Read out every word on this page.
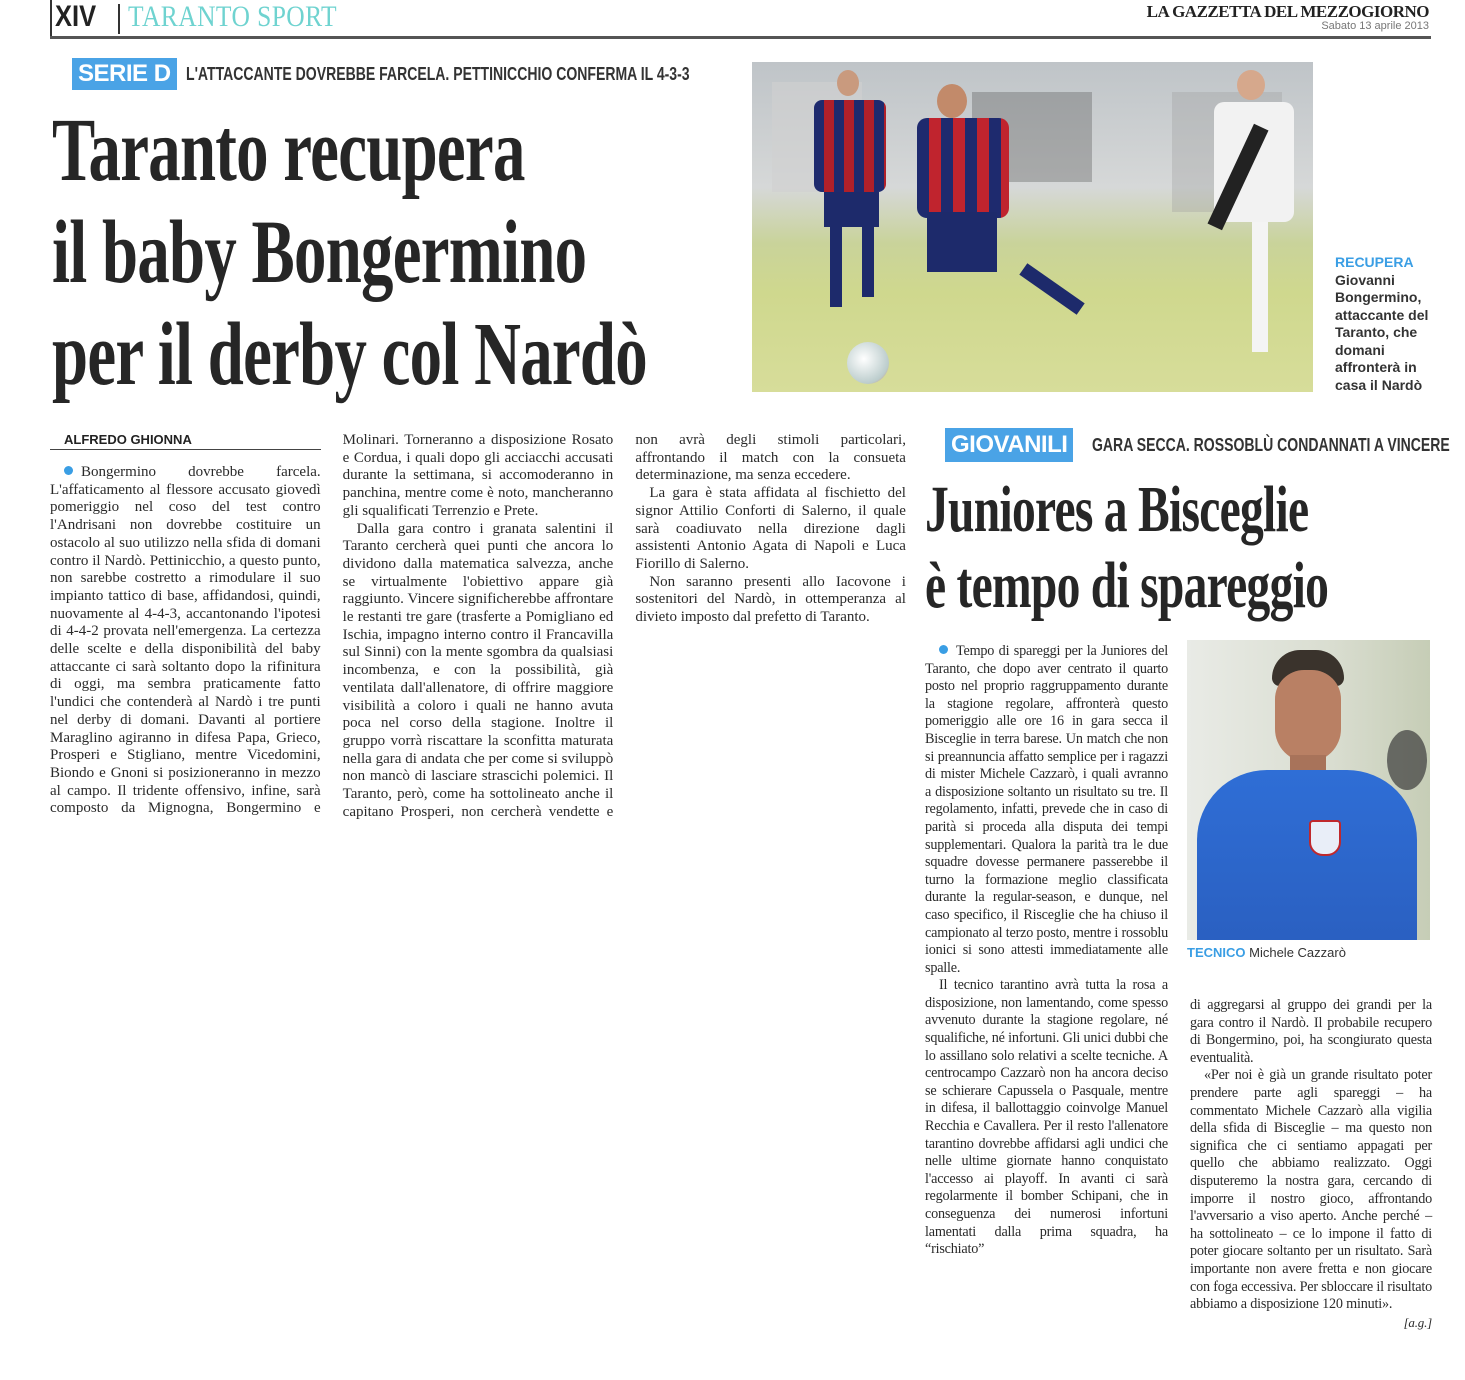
XIV TARANTO SPORT	LA GAZZETTA DEL MEZZOGIORNO
Sabato 13 aprile 2013
SERIE D L'ATTACCANTE DOVREBBE FARCELA. PETTINICCHIO CONFERMA IL 4-3-3
Taranto recupera
il baby Bongermino
per il derby col Nardò
RECUPERA
Giovanni Bongermino, attaccante del Taranto, che domani affronterà in casa il Nardò
ALFREDO GHIONNA

Bongermino dovrebbe farcela. L'affaticamento al flessore accusato giovedì pomeriggio nel coso del test contro l'Andrisani non dovrebbe costituire un ostacolo al suo utilizzo nella sfida di domani contro il Nardò. Pettinicchio, a questo punto, non sarebbe costretto a rimodulare il suo impianto tattico di base, affidandosi, quindi, nuovamente al 4-4-3, accantonando l'ipotesi di 4-4-2 provata nell'emergenza. La certezza delle scelte e della disponibilità del baby attaccante ci sarà soltanto dopo la rifinitura di oggi, ma sembra praticamente fatto l'undici che contenderà al Nardò i tre punti nel derby di domani. Davanti al portiere Maraglino agiranno in difesa Papa, Grieco, Prosperi e Stigliano, mentre Vicedomini, Biondo e Gnoni si posizioneranno in mezzo al campo. Il tridente offensivo, infine, sarà composto da Mignogna, Bongermino e Molinari. Torneranno a disposizione Rosato e Cordua, i quali dopo gli acciacchi accusati durante la settimana, si accomoderanno in panchina, mentre come è noto, mancheranno gli squalificati Terrenzio e Prete.

Dalla gara contro i granata salentini il Taranto cercherà quei punti che ancora lo dividono dalla matematica salvezza, anche se virtualmente l'obiettivo appare già raggiunto. Vincere significherebbe affrontare le restanti tre gare (trasferte a Pomigliano ed Ischia, impagno interno contro il Francavilla sul Sinni) con la mente sgombra da qualsiasi incombenza, e con la possibilità, già ventilata dall'allenatore, di offrire maggiore visibilità a coloro i quali ne hanno avuta poca nel corso della stagione. Inoltre il gruppo vorrà riscattare la sconfitta maturata nella gara di andata che per come si sviluppò non mancò di lasciare strascichi polemici. Il Taranto, però, come ha sottolineato anche il capitano Prosperi, non cercherà vendette e non avrà degli stimoli particolari, affrontando il match con la consueta determinazione, ma senza eccedere.

La gara è stata affidata al fischietto del signor Attilio Conforti di Salerno, il quale sarà coadiuvato nella direzione dagli assistenti Antonio Agata di Napoli e Luca Fiorillo di Salerno.

Non saranno presenti allo Iacovone i sostenitori del Nardò, in ottemperanza al divieto imposto dal prefetto di Taranto.

GIOVANILI	GARA SECCA. ROSSOBLÙ CONDANNATI A VINCERE
Juniores a Bisceglie
è tempo di spareggio

Tempo di spareggi per la Juniores del Taranto, che dopo aver centrato il quarto posto nel proprio raggruppamento durante la stagione regolare, affronterà questo pomeriggio alle ore 16 in gara secca il Bisceglie in terra barese. Un match che non si preannuncia affatto semplice per i ragazzi di mister Michele Cazzarò, i quali avranno a disposizione soltanto un risultato su tre. Il regolamento, infatti, prevede che in caso di parità si proceda alla disputa dei tempi supplementari. Qualora la parità tra le due squadre dovesse permanere passerebbe il turno la formazione meglio classificata durante la regular-season, e dunque, nel caso specifico, il Risceglie che ha chiuso il campionato al terzo posto, mentre i rossoblu ionici si sono attesti immediatamente alle spalle.

Il tecnico tarantino avrà tutta la rosa a disposizione, non lamentando, come spesso avvenuto durante la stagione regolare, né squalifiche, né infortuni. Gli unici dubbi che lo assillano solo relativi a scelte tecniche. A centrocampo Cazzarò non ha ancora deciso se schierare Capussela o Pasquale, mentre in difesa, il ballottaggio coinvolge Manuel Recchia e Cavallera. Per il resto l'allenatore tarantino dovrebbe affidarsi agli undici che nelle ultime giornate hanno conquistato l'accesso ai playoff. In avanti ci sarà regolarmente il bomber Schipani, che in conseguenza dei numerosi infortuni lamentati dalla prima squadra, ha “rischiato”

TECNICO Michele Cazzarò

di aggregarsi al gruppo dei grandi per la gara contro il Nardò. Il probabile recupero di Bongermino, poi, ha scongiurato questa eventualità.

«Per noi è già un grande risultato poter prendere parte agli spareggi – ha commentato Michele Cazzarò alla vigilia della sfida di Bisceglie – ma questo non significa che ci sentiamo appagati per quello che abbiamo realizzato. Oggi disputeremo la nostra gara, cercando di imporre il nostro gioco, affrontando l'avversario a viso aperto. Anche perché – ha sottolineato – ce lo impone il fatto di poter giocare soltanto per un risultato. Sarà importante non avere fretta e non giocare con foga eccessiva. Per sbloccare il risultato abbiamo a disposizione 120 minuti».
[a.g.]
